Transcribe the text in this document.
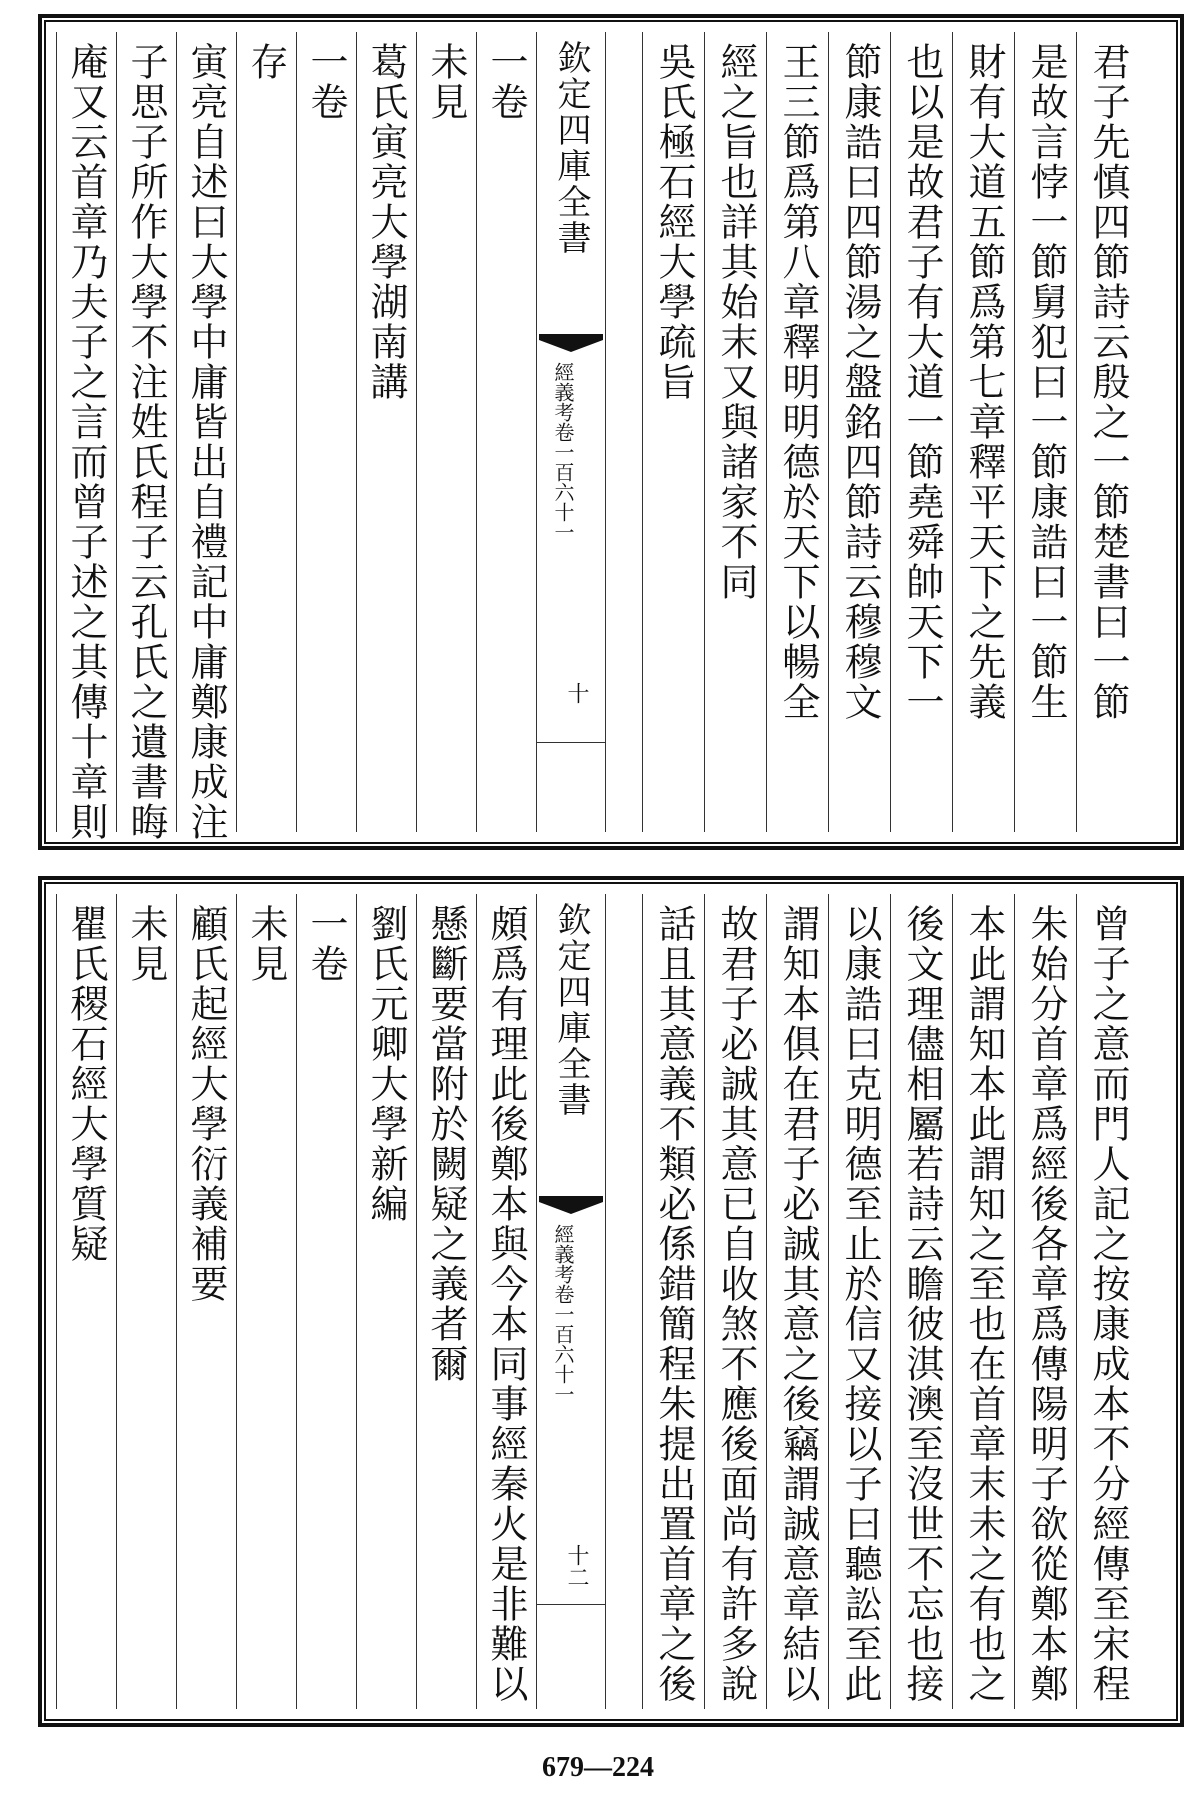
君子先慎四節詩云殷之一節楚書曰一節
是故言悖一節舅犯曰一節康誥曰一節生
財有大道五節爲第七章釋平天下之先義
也以是故君子有大道一節堯舜帥天下一
節康誥曰四節湯之盤銘四節詩云穆穆文
王三節爲第八章釋明明德於天下以暢全
經之旨也詳其始末又與諸家不同
吳氏極石經大學疏旨
欽定四庫全書
經義考卷一百六十一
十
一卷
未見
葛氏寅亮大學湖南講
一卷
存
寅亮自述曰大學中庸皆出自禮記中庸鄭康成注
子思子所作大學不注姓氏程子云孔氏之遺書晦
庵又云首章乃夫子之言而曾子述之其傳十章則
曾子之意而門人記之按康成本不分經傳至宋程
朱始分首章爲經後各章爲傳陽明子欲從鄭本鄭
本此謂知本此謂知之至也在首章末未之有也之
後文理儘相屬若詩云瞻彼淇澳至沒世不忘也接
以康誥曰克明德至止於信又接以子曰聽訟至此
謂知本俱在君子必誠其意之後竊謂誠意章結以
故君子必誠其意已自收煞不應後面尚有許多說
話且其意義不類必係錯簡程朱提出置首章之後
欽定四庫全書
經義考卷一百六十一
十二
頗爲有理此後鄭本與今本同事經秦火是非難以
懸斷要當附於闕疑之義者爾
劉氏元卿大學新編
一卷
未見
顧氏起經大學衍義補要
未見
瞿氏稷石經大學質疑
679—224
